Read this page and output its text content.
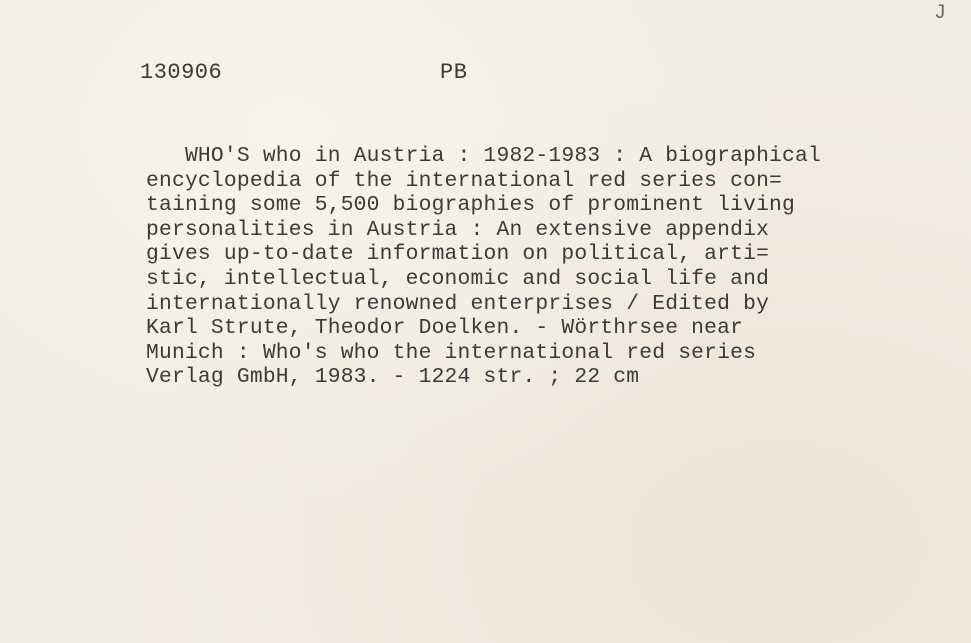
J
130906	PB
WHO'S who in Austria : 1982-1983 : A biographical
encyclopedia of the international red series con=
taining some 5,500 biographies of prominent living
personalities in Austria : An extensive appendix
gives up-to-date information on political, arti=
stic, intellectual, economic and social life and
internationally renowned enterprises / Edited by
Karl Strute, Theodor Doelken. - Wörthrsee near
Munich : Who's who the international red series
Verlag GmbH, 1983. - 1224 str. ; 22 cm
